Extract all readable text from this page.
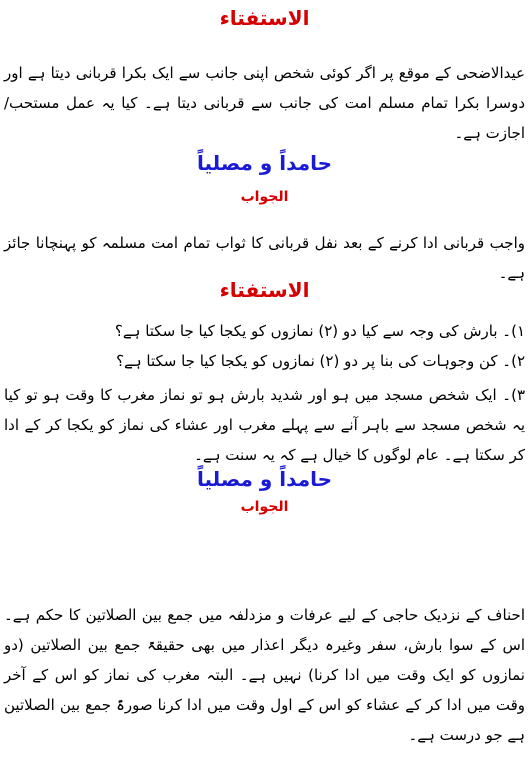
الاستفتاء
عیدالاضحی کے موقع پر اگر کوئی شخص اپنی جانب سے ایک بکرا قربانی دیتا ہے اور دوسرا بکرا تمام مسلم امت کی جانب سے قربانی دیتا ہے۔ کیا یہ عمل مستحب/اجازت ہے۔
حامداً و مصلیاً
الجواب
واجب قربانی ادا کرنے کے بعد نفل قربانی کا ثواب تمام امت مسلمہ کو پہنچانا جائز ہے۔
الاستفتاء
۱)۔ بارش کی وجہ سے کیا دو (۲) نمازوں کو یکجا کیا جا سکتا ہے؟
۲)۔ کن وجوہات کی بنا پر دو (۲) نمازوں کو یکجا کیا جا سکتا ہے؟
۳)۔ ایک شخص مسجد میں ہو اور شدید بارش ہو تو نماز مغرب کا وقت ہو تو کیا یہ شخص مسجد سے باہر آنے سے پہلے مغرب اور عشاء کی نماز کو یکجا کر کے ادا کر سکتا ہے۔ عام لوگوں کا خیال ہے کہ یہ سنت ہے۔
حامداً و مصلیاً
الجواب
احناف کے نزدیک حاجی کے لیے عرفات و مزدلفہ میں جمع بین الصلاتین کا حکم ہے۔ اس کے سوا بارش، سفر وغیرہ دیگر اعذار میں بھی حقیقۃً جمع بین الصلاتین (دو نمازوں کو ایک وقت میں ادا کرنا) نہیں ہے۔ البتہ مغرب کی نماز کو اس کے آخر وقت میں ادا کر کے عشاء کو اس کے اول وقت میں ادا کرنا صورۃً جمع بین الصلاتین ہے جو درست ہے۔
